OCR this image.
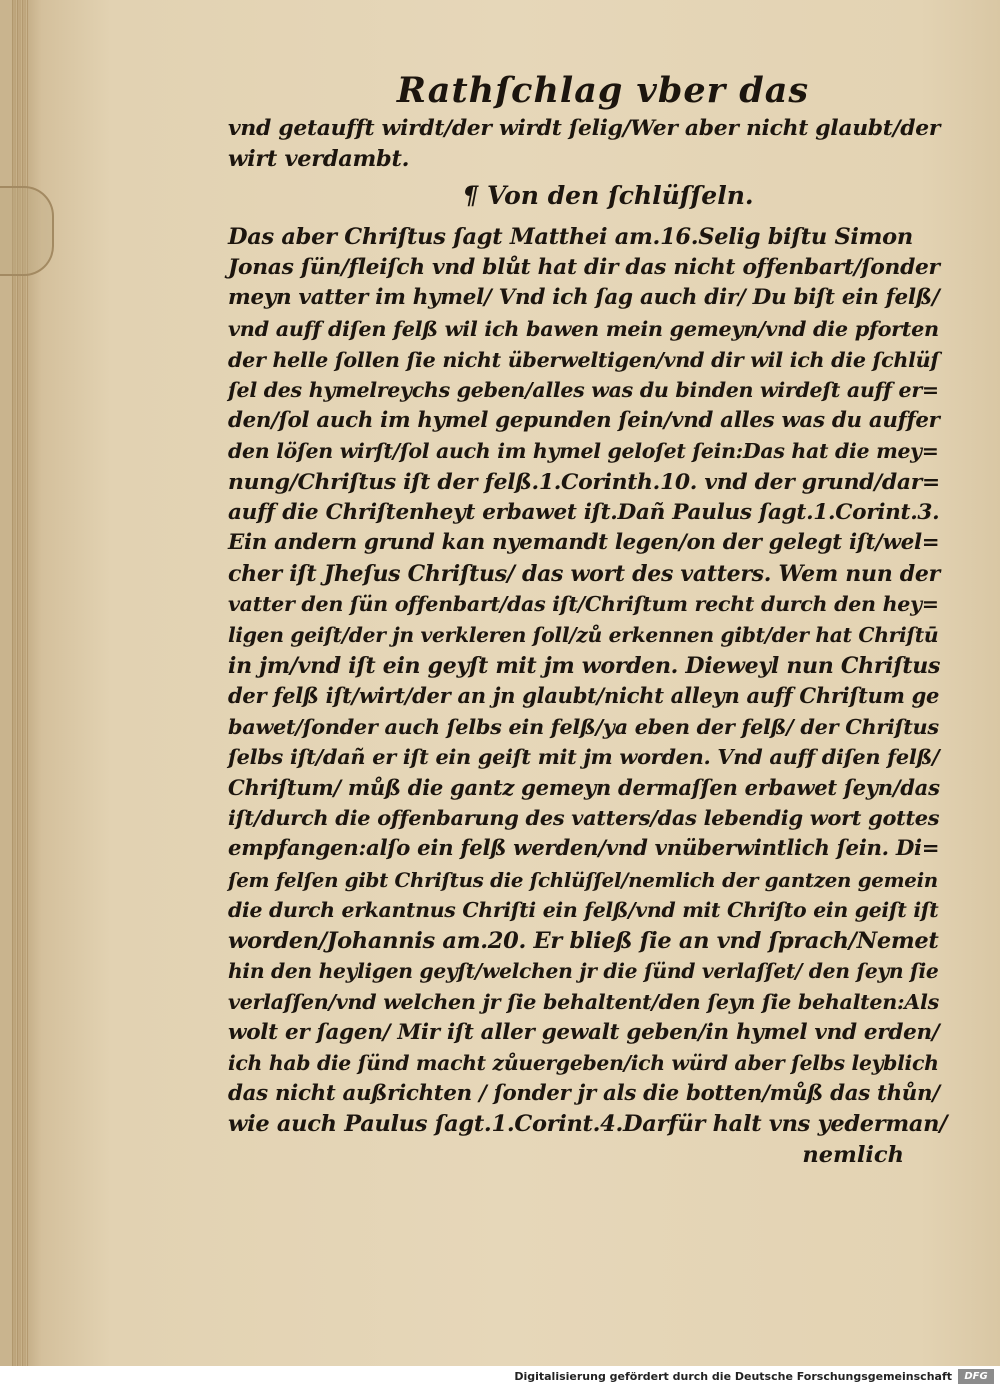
Rathſchlag vber das
vnd getaufft wirdt/der wirdt ſelig/Wer aber nicht glaubt/der
wirt verdambt.
¶ Von den ſchlüſſeln.
Das aber Chriſtus ſagt Matthei am.16.Selig biſtu Simon
Jonas ſün/fleiſch vnd blůt hat dir das nicht offenbart/ſonder
meyn vatter im hymel/ Vnd ich ſag auch dir/ Du biſt ein felß/
vnd auff diſen felß wil ich bawen mein gemeyn/vnd die pforten
der helle ſollen ſie nicht überweltigen/vnd dir wil ich die ſchlüſ
ſel des hymelreychs geben/alles was du binden wirdeſt auff er=
den/ſol auch im hymel gepunden ſein/vnd alles was du auffer
den löſen wirſt/ſol auch im hymel geloſet ſein:Das hat die mey=
nung/Chriſtus iſt der felß.1.Corinth.10. vnd der grund/dar=
auff die Chriſtenheyt erbawet iſt.Dañ Paulus ſagt.1.Corint.3.
Ein andern grund kan nyemandt legen/on der gelegt iſt/wel=
cher iſt Jheſus Chriſtus/ das wort des vatters. Wem nun der
vatter den ſün offenbart/das iſt/Chriſtum recht durch den hey=
ligen geiſt/der jn verkleren ſoll/zů erkennen gibt/der hat Chriſtū
in jm/vnd iſt ein geyſt mit jm worden. Dieweyl nun Chriſtus
der felß iſt/wirt/der an jn glaubt/nicht alleyn auff Chriſtum ge
bawet/ſonder auch ſelbs ein felß/ya eben der felß/ der Chriſtus
ſelbs iſt/dañ er iſt ein geiſt mit jm worden. Vnd auff diſen felß/
Chriſtum/ můß die gantz gemeyn dermaſſen erbawet ſeyn/das
iſt/durch die offenbarung des vatters/das lebendig wort gottes
empfangen:alſo ein felß werden/vnd vnüberwintlich ſein. Di=
ſem felſen gibt Chriſtus die ſchlüſſel/nemlich der gantzen gemein
die durch erkantnus Chriſti ein felß/vnd mit Chriſto ein geiſt iſt
worden/Johannis am.20. Er bließ ſie an vnd ſprach/Nemet
hin den heyligen geyſt/welchen jr die ſünd verlaſſet/ den ſeyn ſie
verlaſſen/vnd welchen jr ſie behaltent/den ſeyn ſie behalten:Als
wolt er ſagen/ Mir iſt aller gewalt geben/in hymel vnd erden/
ich hab die ſünd macht zůuergeben/ich würd aber ſelbs leyblich
das nicht außrichten / ſonder jr als die botten/můß das thůn/
wie auch Paulus ſagt.1.Corint.4.Darfür halt vns yederman/
nemlich
Digitalisierung gefördert durch die Deutsche Forschungsgemeinschaft	DFG
